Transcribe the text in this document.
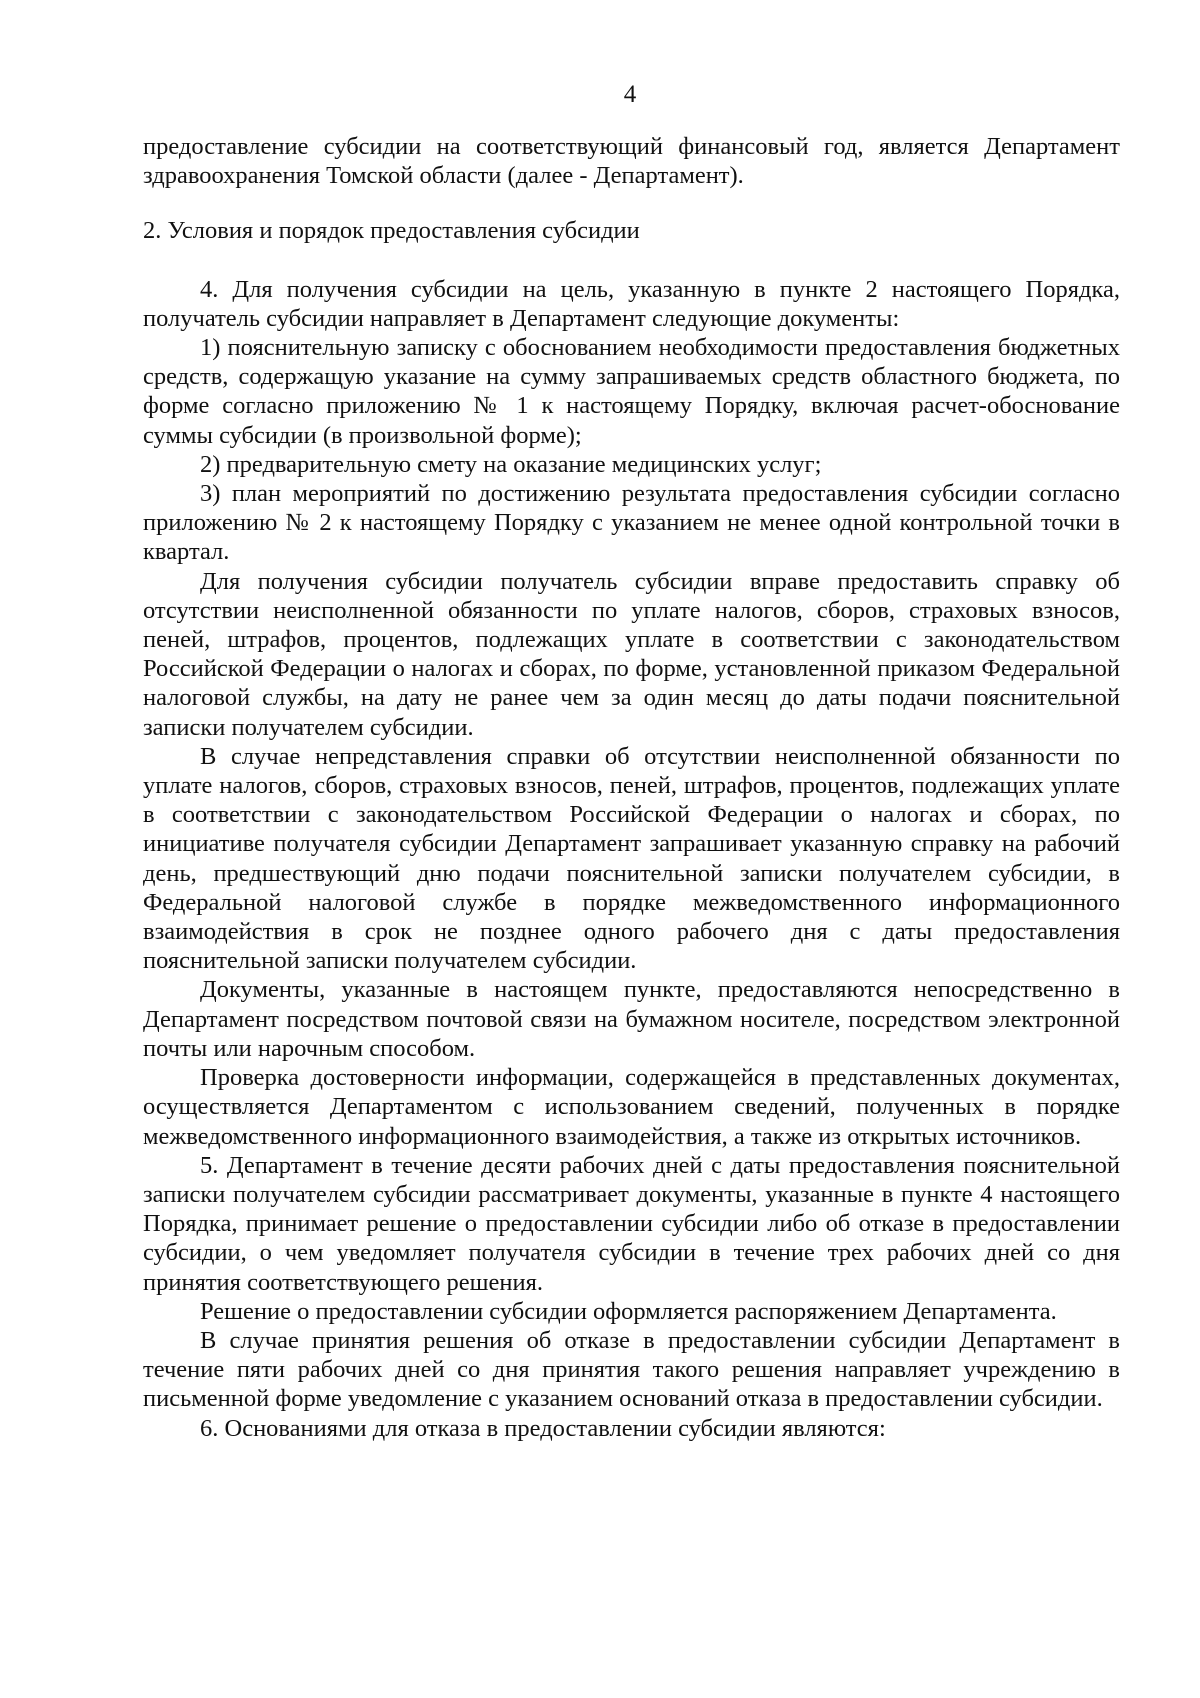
4

предоставление субсидии на соответствующий финансовый год, является Департамент здравоохранения Томской области (далее - Департамент).

2. Условия и порядок предоставления субсидии

4. Для получения субсидии на цель, указанную в пункте 2 настоящего Порядка, получатель субсидии направляет в Департамент следующие документы:

1) пояснительную записку с обоснованием необходимости предоставления бюджетных средств, содержащую указание на сумму запрашиваемых средств областного бюджета, по форме согласно приложению № 1 к настоящему Порядку, включая расчет-обоснование суммы субсидии (в произвольной форме);

2) предварительную смету на оказание медицинских услуг;

3) план мероприятий по достижению результата предоставления субсидии согласно приложению № 2 к настоящему Порядку с указанием не менее одной контрольной точки в квартал.

Для получения субсидии получатель субсидии вправе предоставить справку об отсутствии неисполненной обязанности по уплате налогов, сборов, страховых взносов, пеней, штрафов, процентов, подлежащих уплате в соответствии с законодательством Российской Федерации о налогах и сборах, по форме, установленной приказом Федеральной налоговой службы, на дату не ранее чем за один месяц до даты подачи пояснительной записки получателем субсидии.

В случае непредставления справки об отсутствии неисполненной обязанности по уплате налогов, сборов, страховых взносов, пеней, штрафов, процентов, подлежащих уплате в соответствии с законодательством Российской Федерации о налогах и сборах, по инициативе получателя субсидии Департамент запрашивает указанную справку на рабочий день, предшествующий дню подачи пояснительной записки получателем субсидии, в Федеральной налоговой службе в порядке межведомственного информационного взаимодействия в срок не позднее одного рабочего дня с даты предоставления пояснительной записки получателем субсидии.

Документы, указанные в настоящем пункте, предоставляются непосредственно в Департамент посредством почтовой связи на бумажном носителе, посредством электронной почты или нарочным способом.

Проверка достоверности информации, содержащейся в представленных документах, осуществляется Департаментом с использованием сведений, полученных в порядке межведомственного информационного взаимодействия, а также из открытых источников.

5. Департамент в течение десяти рабочих дней с даты предоставления пояснительной записки получателем субсидии рассматривает документы, указанные в пункте 4 настоящего Порядка, принимает решение о предоставлении субсидии либо об отказе в предоставлении субсидии, о чем уведомляет получателя субсидии в течение трех рабочих дней со дня принятия соответствующего решения.

Решение о предоставлении субсидии оформляется распоряжением Департамента.

В случае принятия решения об отказе в предоставлении субсидии Департамент в течение пяти рабочих дней со дня принятия такого решения направляет учреждению в письменной форме уведомление с указанием оснований отказа в предоставлении субсидии.

6. Основаниями для отказа в предоставлении субсидии являются:
